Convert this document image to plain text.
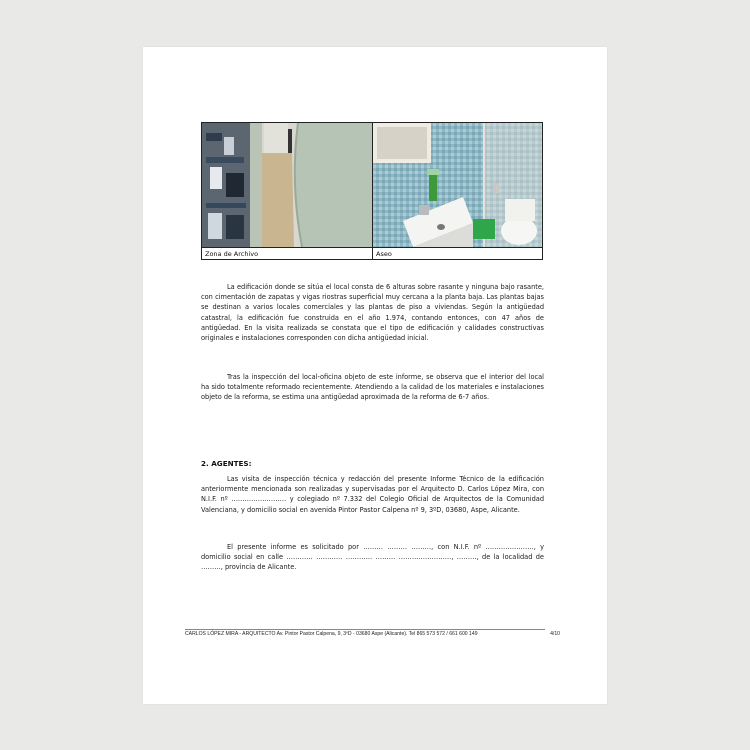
Zona de Archivo	Aseo

La edificación donde se sitúa el local consta de 6 alturas sobre rasante y ninguna bajo rasante, con cimentación de zapatas y vigas riostras superficial muy cercana a la planta baja. Las plantas bajas se destinan a varios locales comerciales y las plantas de piso a viviendas. Según la antigüedad catastral, la edificación fue construida en el año 1.974, contando entonces, con 47 años de antigüedad. En la visita realizada se constata que el tipo de edificación y calidades constructivas originales e instalaciones corresponden con dicha antigüedad inicial.

Tras la inspección del local-oficina objeto de este informe, se observa que el interior del local ha sido totalmente reformado recientemente. Atendiendo a la calidad de los materiales e instalaciones objeto de la reforma, se estima una antigüedad aproximada de la reforma de 6-7 años.

2. AGENTES:

Las visita de inspección técnica y redacción del presente Informe Técnico de la edificación anteriormente mencionada son realizadas y supervisadas por el Arquitecto D. Carlos López Mira, con N.I.F. nº ……………………. y colegiado nº 7.332 del Colegio Oficial de Arquitectos de la Comunidad Valenciana, y domicilio social en avenida Pintor Pastor Calpena nº 9, 3ºD, 03680, Aspe, Alicante.

El presente informe es solicitado por ……… ……… ………, con N.I.F. nº …………………., y domicilio social en calle ………… ………… ………… ……… ……………………, ………, de la localidad de ………, provincia de Alicante.

CARLOS LÓPEZ MIRA - ARQUITECTO Av. Pintor Pastor Calpena, 9, 3ºD - 03680 Aspe (Alicante). Tel 865 573 572 / 661 600 149	4/10
